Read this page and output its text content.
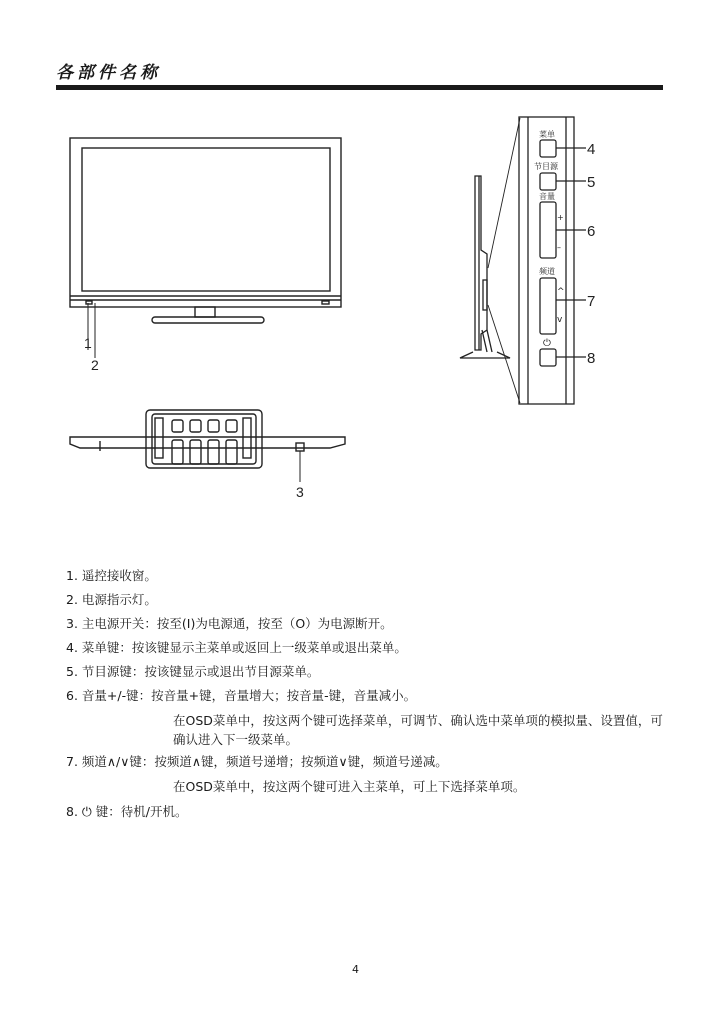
各部件名称
1
2
3
菜单
节目源
音量
频道
+
–
^
v
⏻
4
5
6
7
8
1. 遥控接收窗。
2. 电源指示灯。
3. 主电源开关：按至(Ⅰ)为电源通，按至（O）为电源断开。
4. 菜单键：按该键显示主菜单或返回上一级菜单或退出菜单。
5. 节目源键：按该键显示或退出节目源菜单。
6. 音量+/-键：按音量+键，音量增大；按音量-键，音量减小。
在OSD菜单中，按这两个键可选择菜单，可调节、确认选中菜单项的模拟量、设置值，可确认进入下一级菜单。
7. 频道∧/∨键：按频道∧键，频道号递增；按频道∨键，频道号递减。
在OSD菜单中，按这两个键可进入主菜单，可上下选择菜单项。
8. ⏻ 键：待机/开机。
4
